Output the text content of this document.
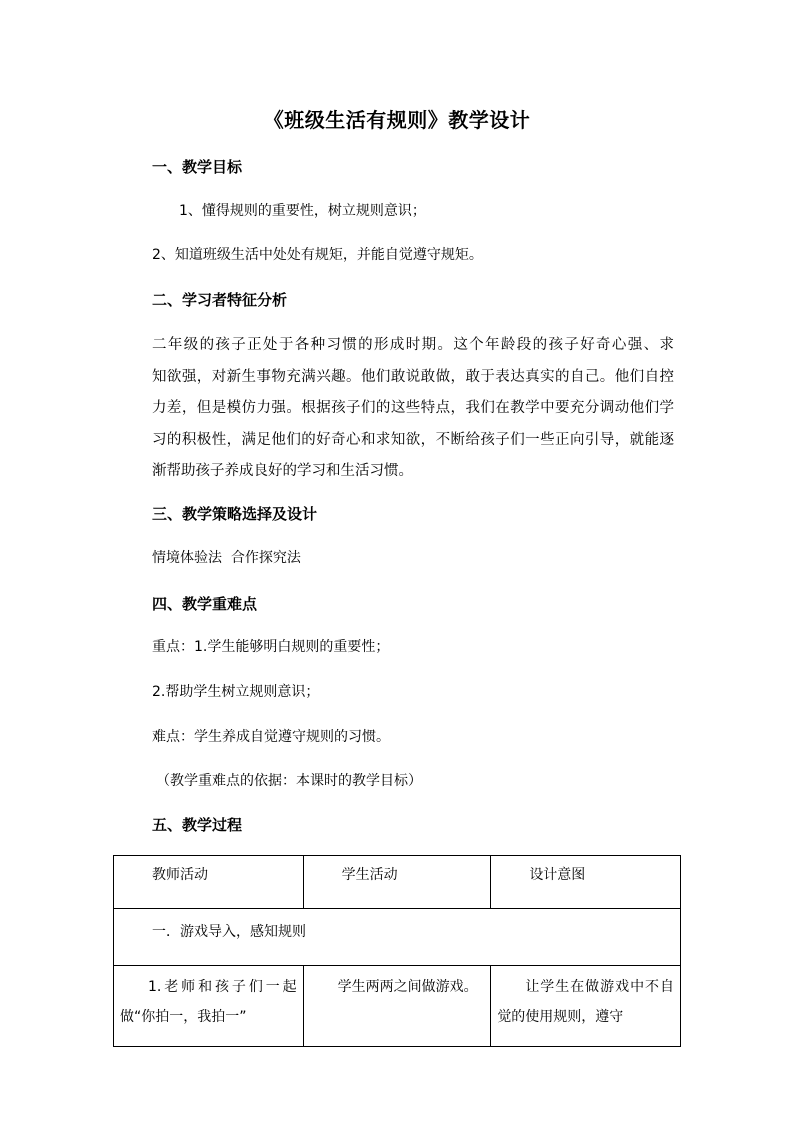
《班级生活有规则》教学设计
一、教学目标
1、懂得规则的重要性，树立规则意识；
2、知道班级生活中处处有规矩，并能自觉遵守规矩。
二、学习者特征分析
二年级的孩子正处于各种习惯的形成时期。这个年龄段的孩子好奇心强、求
知欲强，对新生事物充满兴趣。他们敢说敢做，敢于表达真实的自己。他们自控
力差，但是模仿力强。根据孩子们的这些特点，我们在教学中要充分调动他们学
习的积极性，满足他们的好奇心和求知欲，不断给孩子们一些正向引导，就能逐
渐帮助孩子养成良好的学习和生活习惯。
三、教学策略选择及设计
情境体验法  合作探究法
四、教学重难点
重点：1.学生能够明白规则的重要性；
2.帮助学生树立规则意识；
难点：学生养成自觉遵守规则的习惯。
（教学重难点的依据：本课时的教学目标）
五、教学过程
教师活动	学生活动	设计意图
一．游戏导入，感知规则		

1.老师和孩子们一起做“你拍一，我拍一”	学生两两之间做游戏。	让学生在做游戏中不自觉的使用规则，遵守
